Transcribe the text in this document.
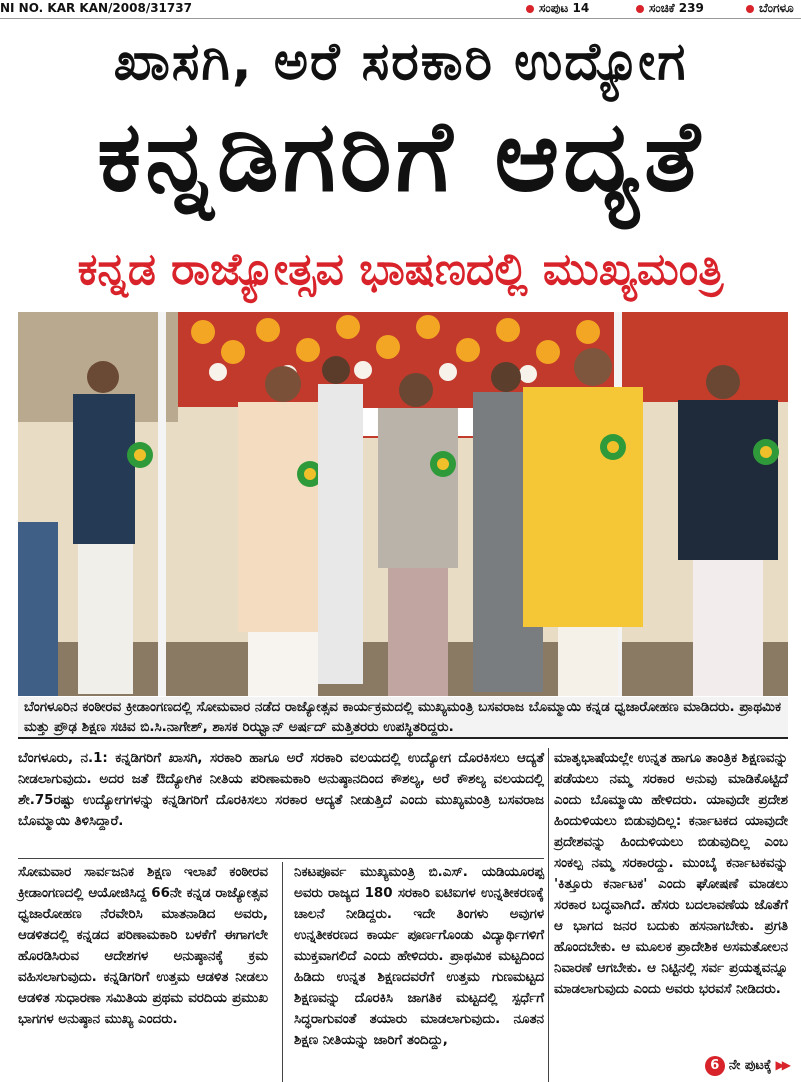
NI NO. KAR KAN/2008/31737	ಸಂಪುಟ 14	ಸಂಚಿಕೆ 239	ಬೆಂಗಳೂ
ಖಾಸಗಿ, ಅರೆ ಸರಕಾರಿ ಉದ್ಯೋಗ
ಕನ್ನಡಿಗರಿಗೆ ಆದ್ಯತೆ
ಕನ್ನಡ ರಾಜ್ಯೋತ್ಸವ ಭಾಷಣದಲ್ಲಿ ಮುಖ್ಯಮಂತ್ರಿ
ಬೆಂಗಳೂರಿನ ಕಂಠೀರವ ಕ್ರೀಡಾಂಗಣದಲ್ಲಿ ಸೋಮವಾರ ನಡೆದ ರಾಜ್ಯೋತ್ಸವ ಕಾರ್ಯಕ್ರಮದಲ್ಲಿ ಮುಖ್ಯಮಂತ್ರಿ ಬಸವರಾಜ ಬೊಮ್ಮಾಯಿ ಕನ್ನಡ ಧ್ವಜಾರೋಹಣ ಮಾಡಿದರು. ಪ್ರಾಥಮಿಕ ಮತ್ತು ಪ್ರೌಢ ಶಿಕ್ಷಣ ಸಚಿವ ಬಿ.ಸಿ.ನಾಗೇಶ್, ಶಾಸಕ ರಿಝ್ವಾನ್ ಅರ್ಷದ್ ಮತ್ತಿತರರು ಉಪಸ್ಥಿತರಿದ್ದರು.
ಬೆಂಗಳೂರು, ನ.1: ಕನ್ನಡಿಗರಿಗೆ ಖಾಸಗಿ, ಸರಕಾರಿ ಹಾಗೂ ಅರೆ ಸರಕಾರಿ ವಲಯದಲ್ಲಿ ಉದ್ಯೋಗ ದೊರಕಿಸಲು ಆದ್ಯತೆ ನೀಡಲಾಗುವುದು. ಅದರ ಜತೆ ಔದ್ಯೋಗಿಕ ನೀತಿಯ ಪರಿಣಾಮಕಾರಿ ಅನುಷ್ಠಾನದಿಂದ ಕೌಶಲ್ಯ, ಅರೆ ಕೌಶಲ್ಯ ವಲಯದಲ್ಲಿ ಶೇ.75ರಷ್ಟು ಉದ್ಯೋಗಗಳನ್ನು ಕನ್ನಡಿಗರಿಗೆ ದೊರಕಿಸಲು ಸರಕಾರ ಆದ್ಯತೆ ನೀಡುತ್ತಿದೆ ಎಂದು ಮುಖ್ಯಮಂತ್ರಿ ಬಸವರಾಜ ಬೊಮ್ಮಾಯಿ ತಿಳಿಸಿದ್ದಾರೆ.
ಸೋಮವಾರ ಸಾರ್ವಜನಿಕ ಶಿಕ್ಷಣ ಇಲಾಖೆ ಕಂಠೀರವ ಕ್ರೀಡಾಂಗಣದಲ್ಲಿ ಆಯೋಜಿಸಿದ್ದ 66ನೇ ಕನ್ನಡ ರಾಜ್ಯೋತ್ಸವ ಧ್ವಜಾರೋಹಣ ನೆರವೇರಿಸಿ ಮಾತನಾಡಿದ ಅವರು, ಆಡಳಿತದಲ್ಲಿ ಕನ್ನಡದ ಪರಿಣಾಮಕಾರಿ ಬಳಕೆಗೆ ಈಗಾಗಲೇ ಹೊರಡಿಸಿರುವ ಆದೇಶಗಳ ಅನುಷ್ಠಾನಕ್ಕೆ ಕ್ರಮ ವಹಿಸಲಾಗುವುದು. ಕನ್ನಡಿಗರಿಗೆ ಉತ್ತಮ ಆಡಳಿತ ನೀಡಲು ಆಡಳಿತ ಸುಧಾರಣಾ ಸಮಿತಿಯ ಪ್ರಥಮ ವರದಿಯ ಪ್ರಮುಖ ಭಾಗಗಳ ಅನುಷ್ಠಾನ ಮುಖ್ಯ ಎಂದರು.
ನಿಕಟಪೂರ್ವ ಮುಖ್ಯಮಂತ್ರಿ ಬಿ.ಎಸ್. ಯಡಿಯೂರಪ್ಪ ಅವರು ರಾಜ್ಯದ 180 ಸರಕಾರಿ ಐಟಿಐಗಳ ಉನ್ನತೀಕರಣಕ್ಕೆ ಚಾಲನೆ ನೀಡಿದ್ದರು. ಇದೇ ತಿಂಗಳು ಅವುಗಳ ಉನ್ನತೀಕರಣದ ಕಾರ್ಯ ಪೂರ್ಣಗೊಂಡು ವಿದ್ಯಾರ್ಥಿಗಳಿಗೆ ಮುಕ್ತವಾಗಲಿದೆ ಎಂದು ಹೇಳಿದರು. ಪ್ರಾಥಮಿಕ ಮಟ್ಟದಿಂದ ಹಿಡಿದು ಉನ್ನತ ಶಿಕ್ಷಣದವರೆಗೆ ಉತ್ತಮ ಗುಣಮಟ್ಟದ ಶಿಕ್ಷಣವನ್ನು ದೊರಕಿಸಿ ಜಾಗತಿಕ ಮಟ್ಟದಲ್ಲಿ ಸ್ಪರ್ಧೆಗೆ ಸಿದ್ಧರಾಗುವಂತೆ ತಯಾರು ಮಾಡಲಾಗುವುದು. ನೂತನ ಶಿಕ್ಷಣ ನೀತಿಯನ್ನು ಜಾರಿಗೆ ತಂದಿದ್ದು,
ಮಾತೃಭಾಷೆಯಲ್ಲೇ ಉನ್ನತ ಹಾಗೂ ತಾಂತ್ರಿಕ ಶಿಕ್ಷಣವನ್ನು ಪಡೆಯಲು ನಮ್ಮ ಸರಕಾರ ಅನುವು ಮಾಡಿಕೊಟ್ಟಿದೆ ಎಂದು ಬೊಮ್ಮಾಯಿ ಹೇಳಿದರು. ಯಾವುದೇ ಪ್ರದೇಶ ಹಿಂದುಳಿಯಲು ಬಿಡುವುದಿಲ್ಲ: ಕರ್ನಾಟಕದ ಯಾವುದೇ ಪ್ರದೇಶವನ್ನು ಹಿಂದುಳಿಯಲು ಬಿಡುವುದಿಲ್ಲ ಎಂಬ ಸಂಕಲ್ಪ ನಮ್ಮ ಸರಕಾರದ್ದು. ಮುಂಬೈ ಕರ್ನಾಟಕವನ್ನು 'ಕಿತ್ತೂರು ಕರ್ನಾಟಕ' ಎಂದು ಘೋಷಣೆ ಮಾಡಲು ಸರಕಾರ ಬದ್ಧವಾಗಿದೆ. ಹೆಸರು ಬದಲಾವಣೆಯ ಜೊತೆಗೆ ಆ ಭಾಗದ ಜನರ ಬದುಕು ಹಸನಾಗಬೇಕು. ಪ್ರಗತಿ ಹೊಂದಬೇಕು. ಆ ಮೂಲಕ ಪ್ರಾದೇಶಿಕ ಅಸಮತೋಲನ ನಿವಾರಣೆ ಆಗಬೇಕು. ಆ ನಿಟ್ಟಿನಲ್ಲಿ ಸರ್ವ ಪ್ರಯತ್ನವನ್ನೂ ಮಾಡಲಾಗುವುದು ಎಂದು ಅವರು ಭರವಸೆ ನೀಡಿದರು.
6 ನೇ ಪುಟಕ್ಕೆ ▶▶
